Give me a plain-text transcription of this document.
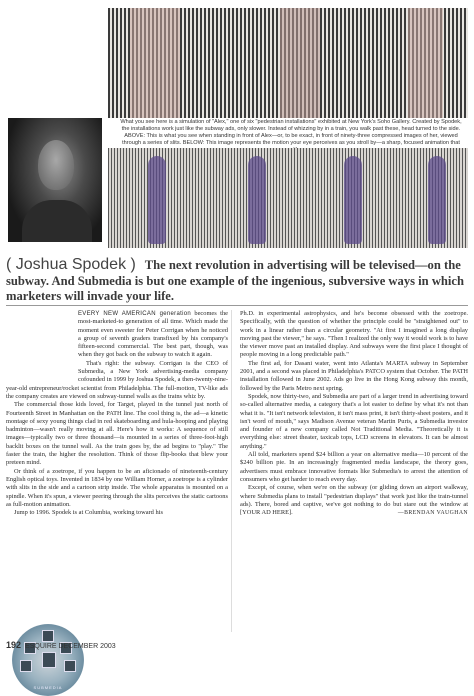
What you see here is a simulation of "Alex," one of six "pedestrian installations" exhibited at New York's Soho Gallery. Created by Spodek, the installations work just like the subway ads, only slower. Instead of whizzing by in a train, you walk past these, head turned to the side. ABOVE: This is what you see when standing in front of Alex—or, to be exact, in front of ninety-three compressed images of her, viewed through a series of slits. BELOW: This image represents the motion your eye perceives as you stroll by—a sharp, focused animation that
( Joshua Spodek ) The next revolution in advertising will be televised—on the subway. And Submedia is but one example of the ingenious, subversive ways in which marketers will invade your life.
SUBMEDIA

EVERY NEW AMERICAN generation becomes the most-marketed-to generation of all time. Which made the moment even sweeter for Peter Corrigan when he noticed a group of seventh graders transfixed by his company's fifteen-second commercial. The best part, though, was when they got back on the subway to watch it again.

That's right: the subway. Corrigan is the CEO of Submedia, a New York advertising-media company cofounded in 1999 by Joshua Spodek, a then-twenty-nine-year-old entrepreneur/rocket scientist from Philadelphia. The full-motion, TV-like ads the company creates are viewed on subway-tunnel walls as the trains whiz by.

The commercial those kids loved, for Target, played in the tunnel just north of Fourteenth Street in Manhattan on the PATH line. The cool thing is, the ad—a kinetic montage of sexy young things clad in red skateboarding and hula-hooping and playing badminton—wasn't really moving at all. Here's how it works: A sequence of still images—typically two or three thousand—is mounted in a series of three-foot-high backlit boxes on the tunnel wall. As the train goes by, the ad begins to "play." The faster the train, the higher the resolution. Think of those flip-books that blew your preteen mind.

Or think of a zoetrope, if you happen to be an aficionado of nineteenth-century English optical toys. Invented in 1834 by one William Horner, a zoetrope is a cylinder with slits in the side and a cartoon strip inside. The whole apparatus is mounted on a spindle. When it's spun, a viewer peering through the slits perceives the static cartoons as full-motion animation.

Jump to 1996. Spodek is at Columbia, working toward his

Ph.D. in experimental astrophysics, and he's become obsessed with the zoetrope. Specifically, with the question of whether the principle could be "straightened out" to work in a linear rather than a circular geometry. "At first I imagined a long display moving past the viewer," he says. "Then I realized the only way it would work is to have the viewer move past an installed display. And subways were the first place I thought of people moving in a long predictable path."

The first ad, for Dasani water, went into Atlanta's MARTA subway in September 2001, and a second was placed in Philadelphia's PATCO system that October. The PATH installation followed in June 2002. Ads go live in the Hong Kong subway this month, followed by the Paris Metro next spring.

Spodek, now thirty-two, and Submedia are part of a larger trend in advertising toward so-called alternative media, a category that's a lot easier to define by what it's not than what it is. "It isn't network television, it isn't mass print, it isn't thirty-sheet posters, and it isn't word of mouth," says Madison Avenue veteran Martin Puris, a Submedia investor and founder of a new company called Not Traditional Media. "Theoretically it is everything else: street theater, taxicab tops, LCD screens in elevators. It can be almost anything."

All told, marketers spend $24 billion a year on alternative media—10 percent of the $240 billion pie. In an increasingly fragmented media landscape, the theory goes, advertisers must embrace innovative formats like Submedia's to arrest the attention of consumers who get harder to reach every day.

Except, of course, when we're on the subway (or gliding down an airport walkway, where Submedia plans to install "pedestrian displays" that work just like the train-tunnel ads). There, bored and captive, we've got nothing to do but stare out the window at [YOUR AD HERE].	—BRENDAN VAUGHAN

192 ESQUIRE DECEMBER 2003
